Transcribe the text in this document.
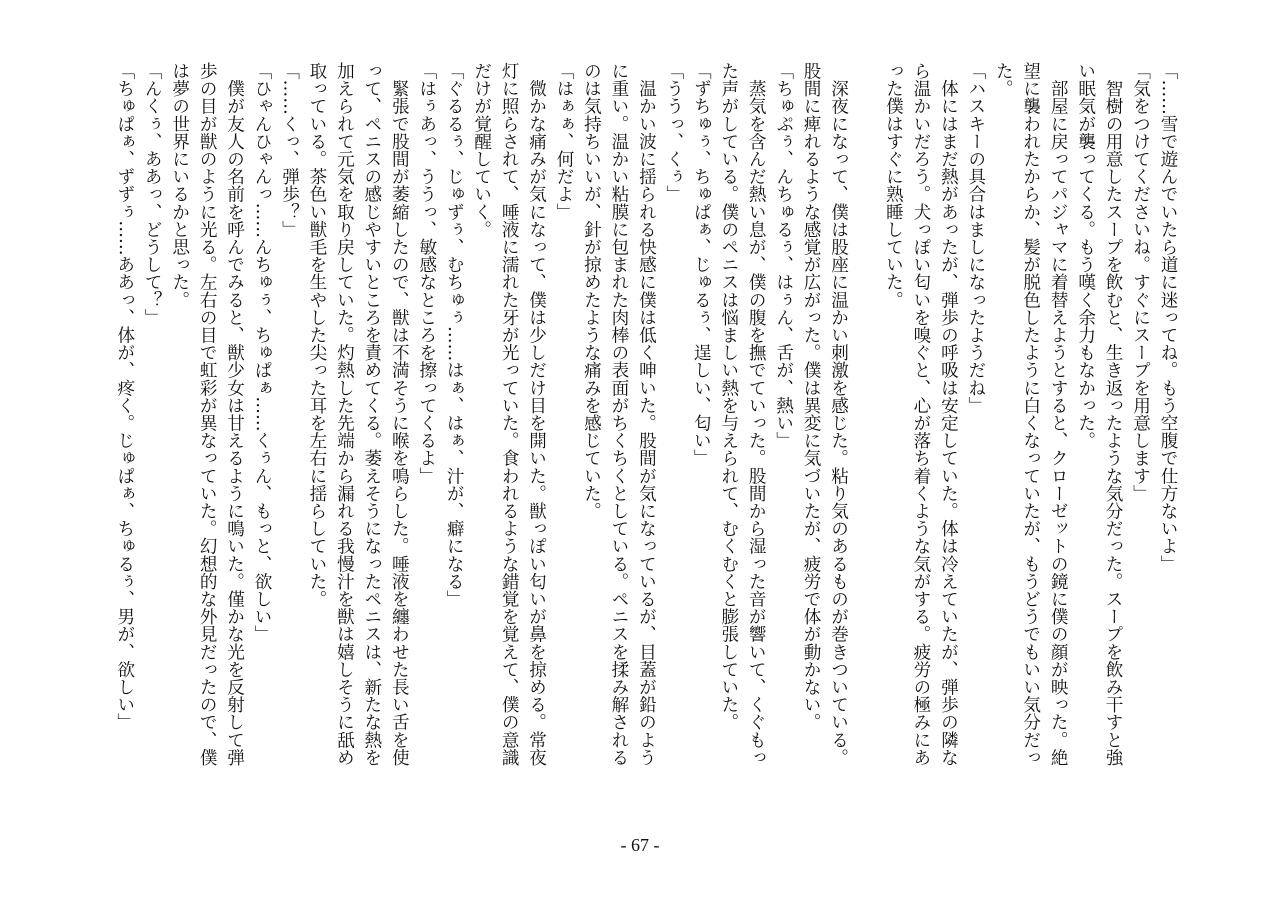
「……雪で遊んでいたら道に迷ってね。もう空腹で仕方ないよ」
「気をつけてくださいね。すぐにスープを用意します」
　智樹の用意したスープを飲むと、生き返ったような気分だった。スープを飲み干すと強い眠気が襲ってくる。もう嘆く余力もなかった。
　部屋に戻ってパジャマに着替えようとすると、クローゼットの鏡に僕の顔が映った。絶望に襲われたからか、髪が脱色したように白くなっていたが、もうどうでもいい気分だった。
「ハスキーの具合はましになったようだね」
　体にはまだ熱があったが、弾歩の呼吸は安定していた。体は冷えていたが、弾歩の隣なら温かいだろう。犬っぽい匂いを嗅ぐと、心が落ち着くような気がする。疲労の極みにあった僕はすぐに熟睡していた。

　深夜になって、僕は股座に温かい刺激を感じた。粘り気のあるものが巻きついている。股間に痺れるような感覚が広がった。僕は異変に気づいたが、疲労で体が動かない。
「ちゅぷぅ、んちゅるぅ、はぅん、舌が、熱い」
　蒸気を含んだ熱い息が、僕の腹を撫でていった。股間から湿った音が響いて、くぐもった声がしている。僕のペニスは悩ましい熱を与えられて、むくむくと膨張していた。
「ずちゅぅ、ちゅぱぁ、じゅるぅ、逞しい、匂い」
「ううっ、くぅ」
　温かい波に揺られる快感に僕は低く呻いた。股間が気になっているが、目蓋が鉛のように重い。温かい粘膜に包まれた肉棒の表面がちくちくとしている。ペニスを揉み解されるのは気持ちいいが、針が掠めたような痛みを感じていた。
「はぁぁ、何だよ」
　微かな痛みが気になって、僕は少しだけ目を開いた。獣っぽい匂いが鼻を掠める。常夜灯に照らされて、唾液に濡れた牙が光っていた。食われるような錯覚を覚えて、僕の意識だけが覚醒していく。
「ぐるるぅ、じゅずぅ、むちゅぅ……はぁ、はぁ、汁が、癖になる」
「はぅあっ、ううっ、敏感なところを擦ってくるよ」
　緊張で股間が萎縮したので、獣は不満そうに喉を鳴らした。唾液を纏わせた長い舌を使って、ペニスの感じやすいところを責めてくる。萎えそうになったペニスは、新たな熱を加えられて元気を取り戻していた。灼熱した先端から漏れる我慢汁を獣は嬉しそうに舐め取っている。茶色い獣毛を生やした尖った耳を左右に揺らしていた。
「……くっ、弾歩？」
「ひゃんひゃんっ……んちゅぅ、ちゅぱぁ……くぅん、もっと、欲しい」
　僕が友人の名前を呼んでみると、獣少女は甘えるように鳴いた。僅かな光を反射して弾歩の目が獣のように光る。左右の目で虹彩が異なっていた。幻想的な外見だったので、僕は夢の世界にいるかと思った。
「んくぅ、ああっ、どうして？」
「ちゅぱぁ、ずずぅ……ああっ、体が、疼く。じゅぱぁ、ちゅるぅ、男が、欲しい」
- 67 -
